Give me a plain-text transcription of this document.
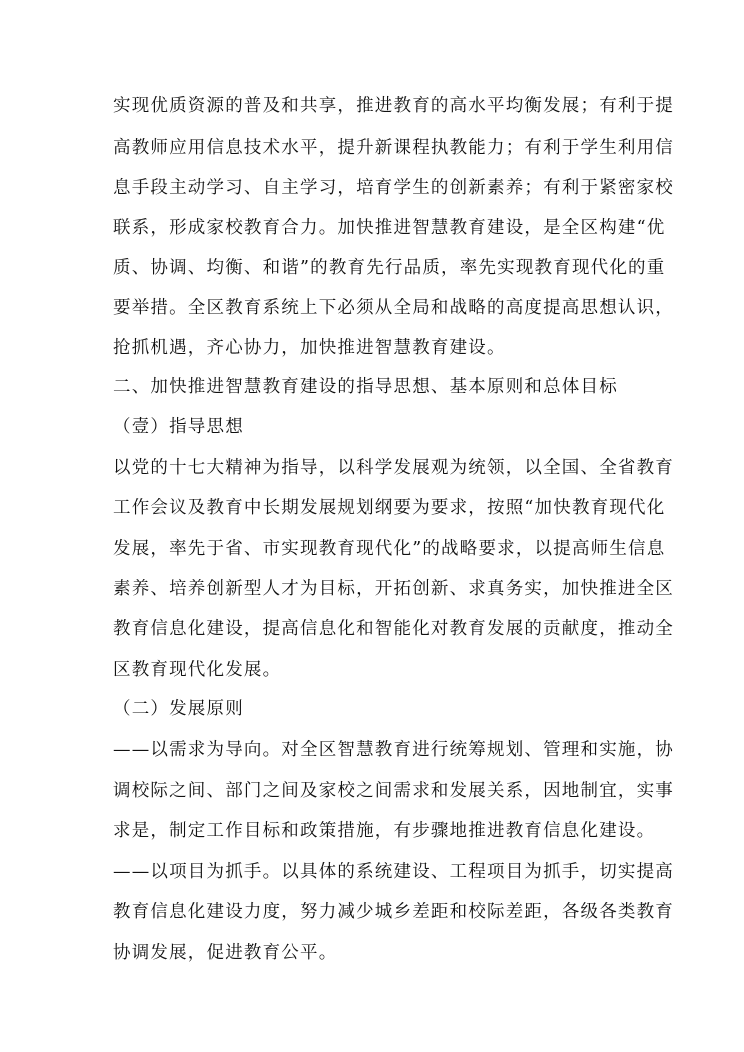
实现优质资源的普及和共享，推进教育的高水平均衡发展；有利于提
高教师应用信息技术水平，提升新课程执教能力；有利于学生利用信
息手段主动学习、自主学习，培育学生的创新素养；有利于紧密家校
联系，形成家校教育合力。加快推进智慧教育建设，是全区构建“优
质、协调、均衡、和谐”的教育先行品质，率先实现教育现代化的重
要举措。全区教育系统上下必须从全局和战略的高度提高思想认识，
抢抓机遇，齐心协力，加快推进智慧教育建设。
二、加快推进智慧教育建设的指导思想、基本原则和总体目标
（壹）指导思想
以党的十七大精神为指导，以科学发展观为统领，以全国、全省教育
工作会议及教育中长期发展规划纲要为要求，按照“加快教育现代化
发展，率先于省、市实现教育现代化”的战略要求，以提高师生信息
素养、培养创新型人才为目标，开拓创新、求真务实，加快推进全区
教育信息化建设，提高信息化和智能化对教育发展的贡献度，推动全
区教育现代化发展。
（二）发展原则
——以需求为导向。对全区智慧教育进行统筹规划、管理和实施，协
调校际之间、部门之间及家校之间需求和发展关系，因地制宜，实事
求是，制定工作目标和政策措施，有步骤地推进教育信息化建设。
——以项目为抓手。以具体的系统建设、工程项目为抓手，切实提高
教育信息化建设力度，努力减少城乡差距和校际差距，各级各类教育
协调发展，促进教育公平。
